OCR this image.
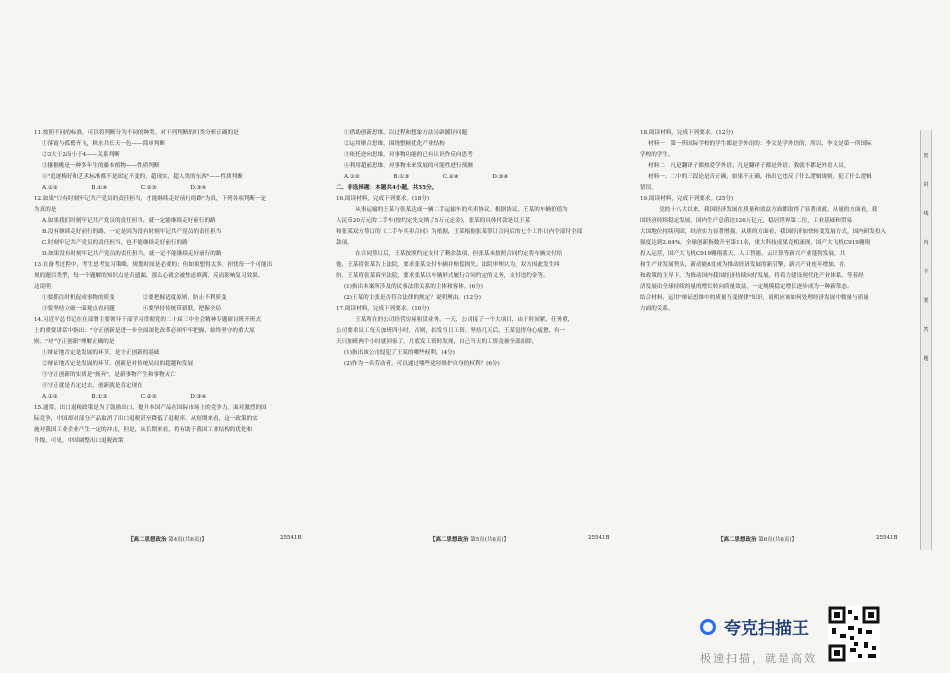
11.按照不同的标准，可以将判断分为不同的种类。对下列判断的归类分析正确的是

①落霞与孤鹜齐飞，秋水共长天一色——简单判断

②3大于2而小于4——关系判断

③猕猴桃是一种多年生的藤本植物——性质判断

④"追逐梅好和艺术标准都不是固定不变的，超现实，超人类的东西"——性质判断

A.①②　　　　　　B.①④　　　　　　C.②③　　　　　　D.③④

12.如果"只有时刻牢记共产党员的责任担当，才能继续走好前行的路"为真，下列各项判断一定

为真的是

A.如果我们时刻牢记共产党员的责任担当，就一定能继续走好前行的路

B.没有继续走好前行的路，一定是因为没有时刻牢记共产党员的责任担当

C.时刻牢记共产党员的责任担当，也不能继续走好前行的路

D.如果没有时刻牢记共产党员的责任担当，就一定不能继续走好前行的路

13.在备考过程中，考生思考复习策略，规划时间是必要的；但如果想得太多，担忧每一个可能出

现的题目类型，每一个题解的知识点是否遗漏，那么心就会被焦虑填满，反而影响复习效果。

这说明

①要抓住时机促成事物的质变　　　　　②要把握适度原则，防止不利质变

③要坚持立破一面观点看问题　　　　　④要坚持传统带新联，把握全局

14.习近平总书记在在部署主要领导干部学习贯彻党的二十届三中全会精神专题研讨班开班式

上的重要讲话中指出："守正创新是进一步全面深化改革必须牢牢把握、始终坚守的重大原

则。"对"守正创新"理解正确的是

①辩证地否定是发展的环节，是守正创新的基础

②辩证地否定是发展的环节，创新是对传统局局的超越和发展

③守正创新的实质是"扬弃"，是新事物产生和事物灭亡

④守正就是否定过去，创新就是肯定现在

A.①②　　　　　　B.①③　　　　　　C.②③　　　　　　D.③④

15.通常，出口退税政策是为了鼓励出口，提升本国产品在国际市场上的竞争力。面对激烈的国

际竞争，中国却对部分产品取消了出口退税甚至降低了退税率。从短期来看，这一政策的实

施对我国工业企业产生一定的冲击，但是，从长期来看，将有助于我国工业结构的优化和

升级。可见，中国调整出口退税政策

①借助创新思维，以过程和想象方法另辟蹊径问题

②运用聚合思维，围绕整顿优化产业结构

③依托逆向思维，对事物功能的已有认识作反向思考

④利用超前思维，对事物未来发展的可能性进行预测

A.①②　　　　　　B.①③　　　　　　C.②④　　　　　　D.③④

二、非选择题：本题共4小题，共55分。

16.阅读材料，完成下列要求。(18分)

　　从事运输的王某与张某达成一辆二手运输车的买卖协议。根据协议，王某的车辆价值为

人民币20万元的二手车(按约定先交纳了5万元定金)，张某的具体付款是以王某

和张某双方签订的《二手车买卖合同》为依据，王某根据张某签订合同后的七个工作日内全部付全部

款项。

　　在合同签订后，王某按照约定支付了剩余款项，但张某未按照合同约定将车辆交付给

他，王某将张某告上法院，要求张某交付车辆并赔偿损失。法院审理认为，双方因此发生纠

纷，王某将张某诉至法院，要求张某以车辆形式履行合同约定的义务，支付违约金等。

(1)指出本案所涉及的民事法律关系的主体和客体。(6分)

(2)王某的主张是否符合法律的规定？说明理由。(12分)

17.阅读材料，完成下列要求。(10分)

　　王某所在的公司经营房屋租赁业务，一天，公司接了一个大项目，由于时间紧、任务重，

公司要求员工每天加班四小时，否则，扣发当日工资。坚持几天后，王某觉得身心疲惫，有一

天只加班两个小时就回家了。月底发工资时发现，自己当天的工资竟被全部扣除。

(1)指出该公司侵犯了王某的哪些权利。(4分)

(2)作为一名劳动者，可以通过哪些途径维护自身的权利？(6分)

18.阅读材料，完成下列要求。(12分)

材料一　第一所国际学校的学生都是学外语的：李文是学外语的，所以，李文是第一所国际

学校的学生。

材料二　凡是翻译子都热爱学外语；凡是翻译子都是外语；我就不都是外语人员。

材料一、二中的三段论是否正确，如果不正确，指出它违反了什么逻辑规则，犯了什么逻辑

错误。

19.阅读材料，完成下列要求。(25分)

　　党的十八大以来，我国经济发展在质量和效益方面都取得了显著成就。从量的方面看，我

国经济持续稳定发展，国内生产总值达126万亿元，稳居世界第二位，工业基础和贸易

大国地位持续巩固，经济实力显著增强。从质的方面看，我国经济加快转变发展方式，国内研发投入

强度达到2.64%，全球创新指数升至第11名，重大科技成果竞相涌现，国产大飞机C919翱翔

投入运营，国产大飞机C919翱翔蓝天，人工智能、云计算等新兴产业蓬勃发展，共

和生产业发展势头，新动能8直成为推动经济发展的新引擎，新兴产业连年增加，在

和政策的主导下，为推动国内我国经济持续向好发展，将着力建设现代化产业体系，等着经

济发展由全球持续的量的增长转向质量效益，一定规模稳定增长逐步成为一种新常态。

结合材料，运用"辩证思维中的质量互变规律"知识，说明应该如何处理经济发展中数量与质量

方面的关系。

【高二思想政治 第4页(共6页)】	25541B	【高二思想政治 第5页(共6页)】	25541B	【高二思想政治 第6页(共6页)】	25541B
密
封
线
内
不
要
答
题
夸克扫描王
极速扫描，就是高效
